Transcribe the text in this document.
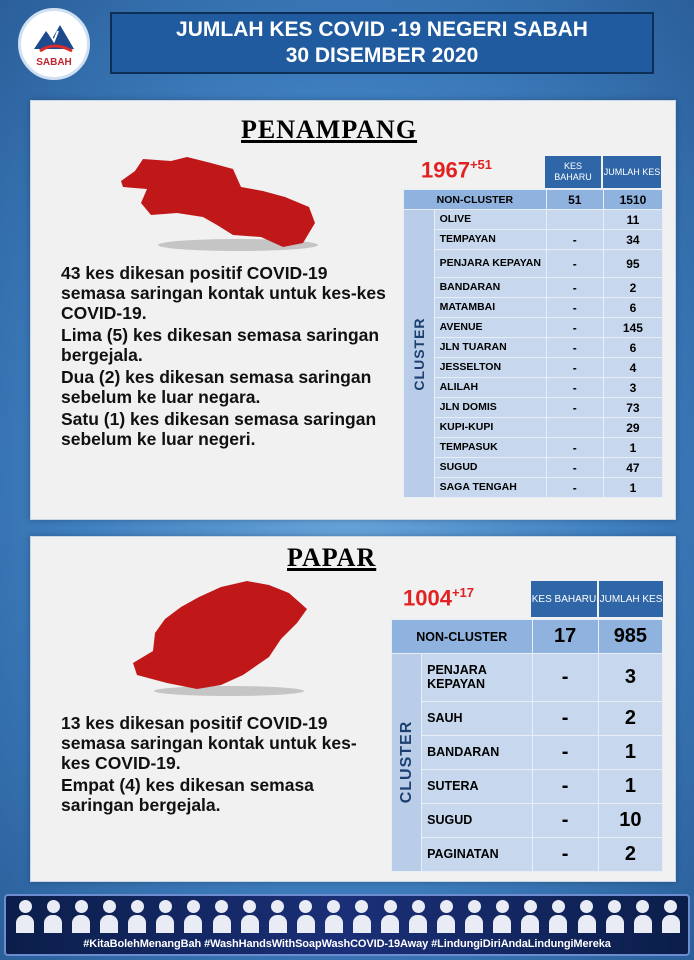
SABAH
JUMLAH KES COVID -19 NEGERI SABAH
30 DISEMBER 2020
PENAMPANG

43 kes dikesan positif COVID-19 semasa saringan kontak untuk kes-kes COVID-19.

Lima (5) kes dikesan semasa saringan bergejala.

Dua (2) kes dikesan semasa saringan sebelum ke luar negara.

Satu (1) kes dikesan semasa saringan sebelum ke luar negeri.

$1967^{+51}$	KES BAHARU
JUMLAH KES
NON-CLUSTER		51	1510

CLUSTER	OLIVE		11
	TEMPAYAN	-	34
	PENJARA KEPAYAN	-	95
	BANDARAN	-	2
	MATAMBAI	-	6
	AVENUE	-	145
	JLN TUARAN	-	6
	JESSELTON	-	4
	ALILAH	-	3
	JLN DOMIS	-	73
	KUPI-KUPI		29
	TEMPASUK	-	1
	SUGUD	-	47
	SAGA TENGAH	-	1
PAPAR

13 kes dikesan positif COVID-19 semasa saringan kontak untuk kes-kes COVID-19.

Empat (4) kes dikesan semasa saringan bergejala.

$1004^{+17}$	KES BAHARU JUMLAH KES
NON-CLUSTER		17	985

CLUSTER	PENJARA KEPAYAN	-	3
	SAUH	-	2
	BANDARAN	-	1
	SUTERA	-	1
	SUGUD	-	10
	PAGINATAN	-	2
#KitaBolehMenangBah #WashHandsWithSoapWashCOVID-19Away #LindungiDiriAndaLindungiMereka
